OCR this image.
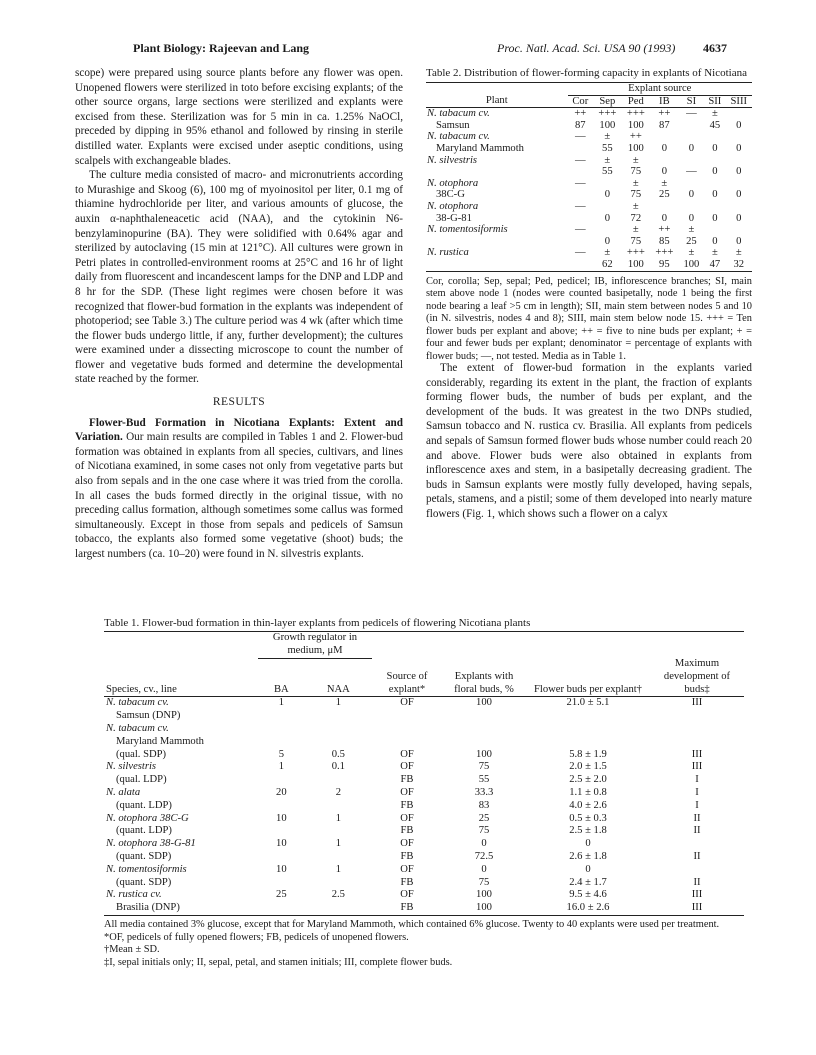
Plant Biology: Rajeevan and Lang	Proc. Natl. Acad. Sci. USA 90 (1993) 4637

scope) were prepared using source plants before any flower was open. Unopened flowers were sterilized in toto before excising explants; of the other source organs, large sections were sterilized and explants were excised from these. Sterilization was for 5 min in ca. 1.25% NaOCl, preceded by dipping in 95% ethanol and followed by rinsing in sterile distilled water. Explants were excised under aseptic conditions, using scalpels with exchangeable blades.

The culture media consisted of macro- and micronutrients according to Murashige and Skoog (6), 100 mg of myoinositol per liter, 0.1 mg of thiamine hydrochloride per liter, and various amounts of glucose, the auxin α-naphthaleneacetic acid (NAA), and the cytokinin N6-benzylaminopurine (BA). They were solidified with 0.64% agar and sterilized by autoclaving (15 min at 121°C). All cultures were grown in Petri plates in controlled-environment rooms at 25°C and 16 hr of light daily from fluorescent and incandescent lamps for the DNP and LDP and 8 hr for the SDP. (These light regimes were chosen before it was recognized that flower-bud formation in the explants was independent of photoperiod; see Table 3.) The culture period was 4 wk (after which time the flower buds undergo little, if any, further development); the cultures were examined under a dissecting microscope to count the number of flower and vegetative buds formed and determine the developmental state reached by the former.

RESULTS

Flower-Bud Formation in Nicotiana Explants: Extent and Variation. Our main results are compiled in Tables 1 and 2. Flower-bud formation was obtained in explants from all species, cultivars, and lines of Nicotiana examined, in some cases not only from vegetative parts but also from sepals and in the one case where it was tried from the corolla. In all cases the buds formed directly in the original tissue, with no preceding callus formation, although sometimes some callus was formed simultaneously. Except in those from sepals and pedicels of Samsun tobacco, the explants also formed some vegetative (shoot) buds; the largest numbers (ca. 10–20) were found in N. silvestris explants.

Table 2. Distribution of flower-forming capacity in explants of Nicotiana
	Explant source						
Plant	Cor	Sep	Ped	IB	SI	SII	SIII
N. tabacum cv.	++	+++	+++	++	—	±	
Samsun	87	100	100	87		45	0
N. tabacum cv.	—	±	++				
Maryland Mammoth		55	100	0	0	0	0
N. silvestris	—	±	±				
		55	75	0	—	0	0
N. otophora	—		±	±			
38C-G		0	75	25	0	0	0
N. otophora	—		±				
38-G-81		0	72	0	0	0	0
N. tomentosiformis	—		±	++	±		
		0	75	85	25	0	0
N. rustica	—	±	+++	+++	±	±	±
		62	100	95	100	47	32
Cor, corolla; Sep, sepal; Ped, pedicel; IB, inflorescence branches; SI, main stem above node 1 (nodes were counted basipetally, node 1 being the first node bearing a leaf >5 cm in length); SII, main stem between nodes 5 and 10 (in N. silvestris, nodes 4 and 8); SIII, main stem below node 15. +++ = Ten flower buds per explant and above; ++ = five to nine buds per explant; + = four and fewer buds per explant; denominator = percentage of explants with flower buds; —, not tested. Media as in Table 1.

The extent of flower-bud formation in the explants varied considerably, regarding its extent in the plant, the fraction of explants forming flower buds, the number of buds per explant, and the development of the buds. It was greatest in the two DNPs studied, Samsun tobacco and N. rustica cv. Brasilia. All explants from pedicels and sepals of Samsun formed flower buds whose number could reach 20 and above. Flower buds were also obtained in explants from inflorescence axes and stem, in a basipetally decreasing gradient. The buds in Samsun explants were mostly fully developed, having sepals, petals, stamens, and a pistil; some of them developed into nearly mature flowers (Fig. 1, which shows such a flower on a calyx

Table 1. Flower-bud formation in thin-layer explants from pedicels of flowering Nicotiana plants
	Growth regulator in medium, μM					
Species, cv., line	BA	NAA	Source of explant*	Explants with floral buds, %	Flower buds per explant†	Maximum development of buds‡
N. tabacum cv.	1	1	OF	100	21.0 ± 5.1	III
Samsun (DNP)						
N. tabacum cv.						
Maryland Mammoth						
(qual. SDP)	5	0.5	OF	100	5.8 ± 1.9	III
N. silvestris	1	0.1	OF	75	2.0 ± 1.5	III
(qual. LDP)			FB	55	2.5 ± 2.0	I
N. alata	20	2	OF	33.3	1.1 ± 0.8	I
(quant. LDP)			FB	83	4.0 ± 2.6	I
N. otophora 38C-G	10	1	OF	25	0.5 ± 0.3	II
(quant. LDP)			FB	75	2.5 ± 1.8	II
N. otophora 38-G-81	10	1	OF	0	0	
(quant. SDP)			FB	72.5	2.6 ± 1.8	II
N. tomentosiformis	10	1	OF	0	0	
(quant. SDP)			FB	75	2.4 ± 1.7	II
N. rustica cv.	25	2.5	OF	100	9.5 ± 4.6	III
Brasilia (DNP)			FB	100	16.0 ± 2.6	III
All media contained 3% glucose, except that for Maryland Mammoth, which contained 6% glucose. Twenty to 40 explants were used per treatment.
*OF, pedicels of fully opened flowers; FB, pedicels of unopened flowers.
†Mean ± SD.
‡I, sepal initials only; II, sepal, petal, and stamen initials; III, complete flower buds.
